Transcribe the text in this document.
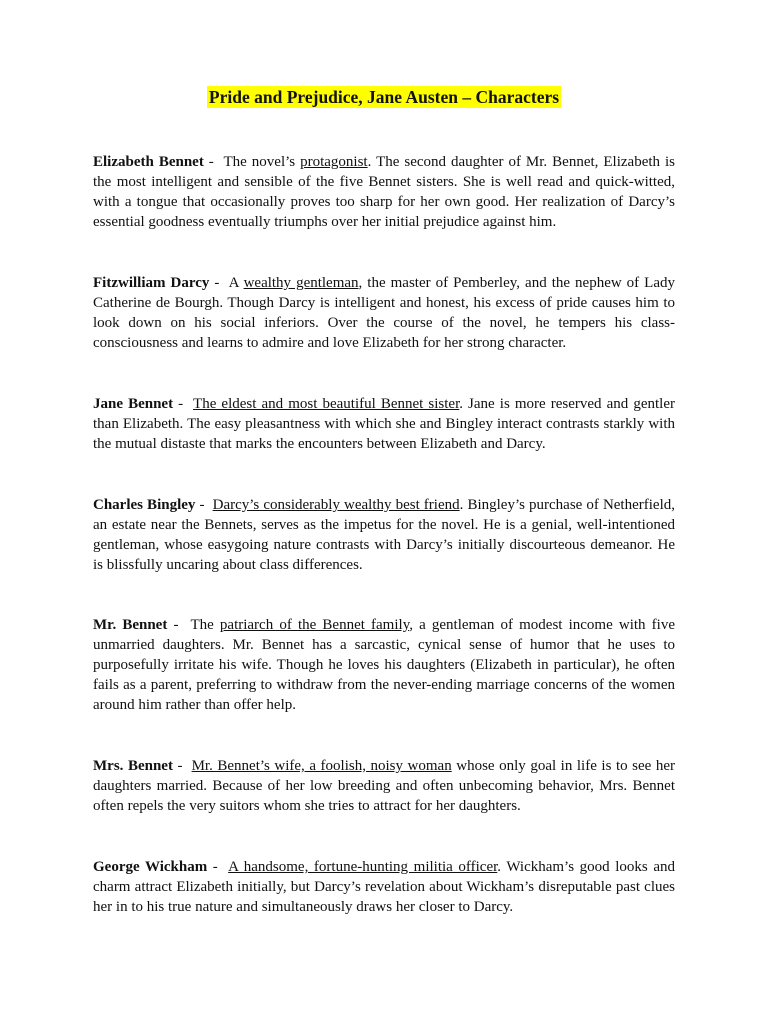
Pride and Prejudice, Jane Austen – Characters

Elizabeth Bennet -  The novel’s protagonist. The second daughter of Mr. Bennet, Elizabeth is the most intelligent and sensible of the five Bennet sisters. She is well read and quick-witted, with a tongue that occasionally proves too sharp for her own good. Her realization of Darcy’s essential goodness eventually triumphs over her initial prejudice against him.

Fitzwilliam Darcy -  A wealthy gentleman, the master of Pemberley, and the nephew of Lady Catherine de Bourgh. Though Darcy is intelligent and honest, his excess of pride causes him to look down on his social inferiors. Over the course of the novel, he tempers his class-consciousness and learns to admire and love Elizabeth for her strong character.

Jane Bennet -  The eldest and most beautiful Bennet sister. Jane is more reserved and gentler than Elizabeth. The easy pleasantness with which she and Bingley interact contrasts starkly with the mutual distaste that marks the encounters between Elizabeth and Darcy.

Charles Bingley -  Darcy’s considerably wealthy best friend. Bingley’s purchase of Netherfield, an estate near the Bennets, serves as the impetus for the novel. He is a genial, well-intentioned gentleman, whose easygoing nature contrasts with Darcy’s initially discourteous demeanor. He is blissfully uncaring about class differences.

Mr. Bennet -  The patriarch of the Bennet family, a gentleman of modest income with five unmarried daughters. Mr. Bennet has a sarcastic, cynical sense of humor that he uses to purposefully irritate his wife. Though he loves his daughters (Elizabeth in particular), he often fails as a parent, preferring to withdraw from the never-ending marriage concerns of the women around him rather than offer help.

Mrs. Bennet -  Mr. Bennet’s wife, a foolish, noisy woman whose only goal in life is to see her daughters married. Because of her low breeding and often unbecoming behavior, Mrs. Bennet often repels the very suitors whom she tries to attract for her daughters.

George Wickham -  A handsome, fortune-hunting militia officer. Wickham’s good looks and charm attract Elizabeth initially, but Darcy’s revelation about Wickham’s disreputable past clues her in to his true nature and simultaneously draws her closer to Darcy.
